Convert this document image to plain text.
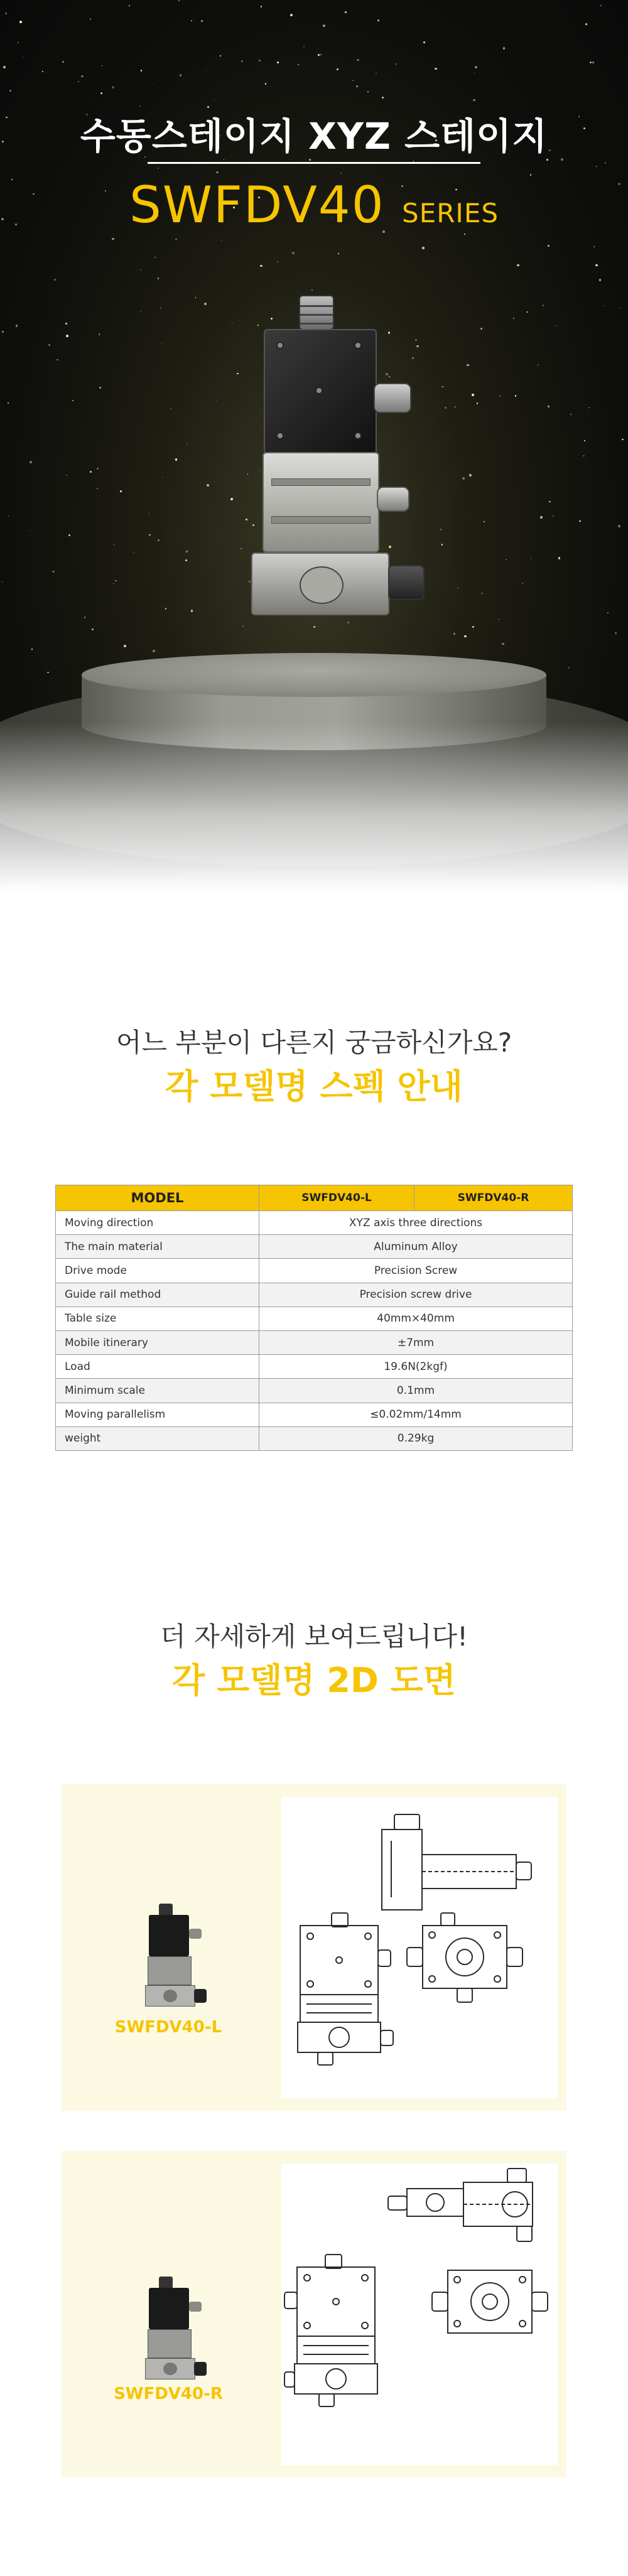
수동스테이지 XYZ 스테이지
SWFDV40 SERIES
어느 부분이 다른지 궁금하신가요?
각 모델명 스펙 안내
MODEL	SWFDV40-L	SWFDV40-R
Moving direction	XYZ axis three directions	
The main material	Aluminum Alloy	
Drive mode	Precision Screw	
Guide rail method	Precision screw drive	
Table size	40mm×40mm	
Mobile itinerary	±7mm	
Load	19.6N(2kgf)	
Minimum scale	0.1mm	
Moving parallelism	≤0.02mm/14mm	
weight	0.29kg	
더 자세하게 보여드립니다!
각 모델명 2D 도면
SWFDV40-L
SWFDV40-R
